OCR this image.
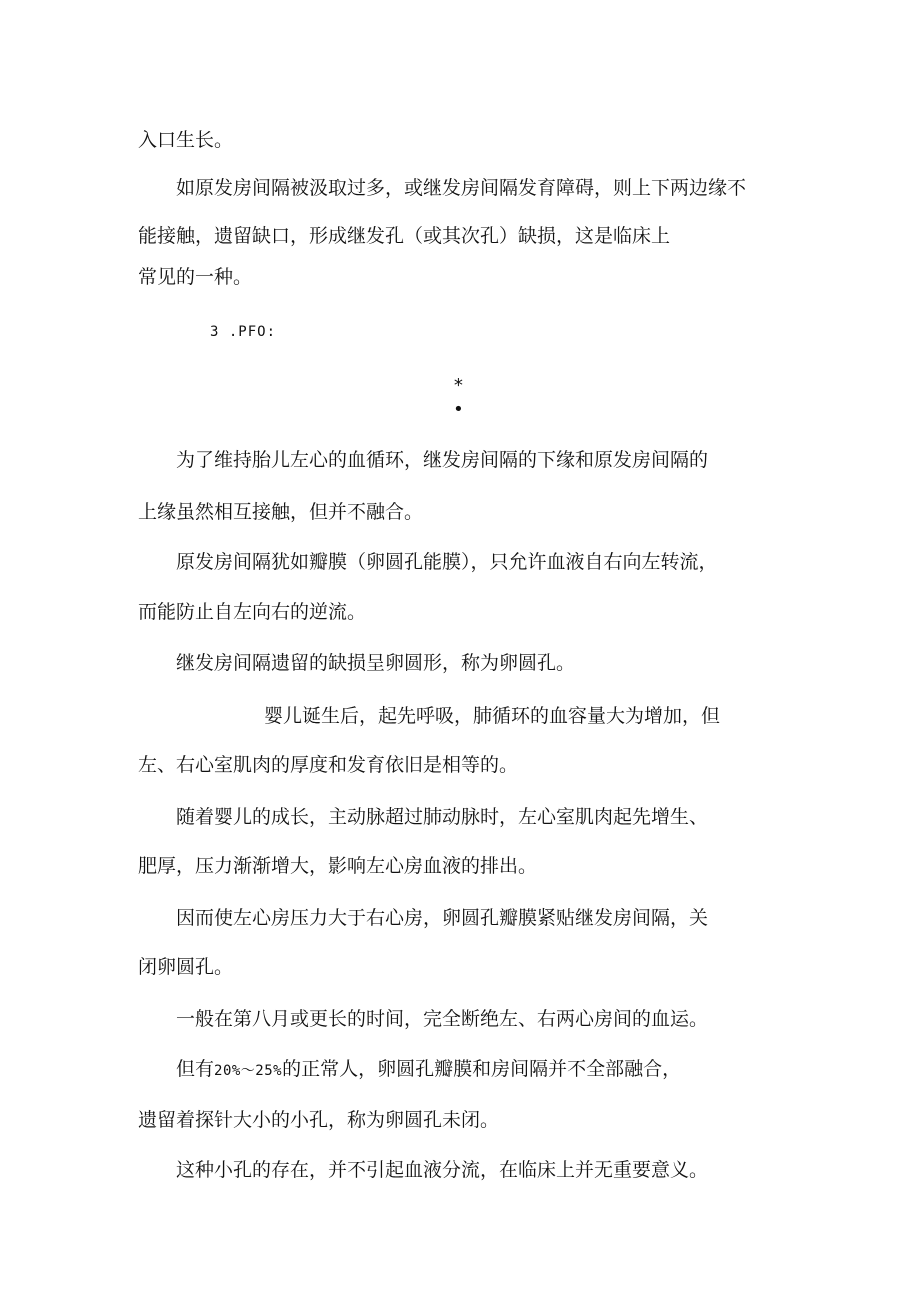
入口生长。
如原发房间隔被汲取过多，或继发房间隔发育障碍，则上下两边缘不
能接触，遗留缺口，形成继发孔（或其次孔）缺损，这是临床上
常见的一种。
3 .PFO:
*
•
为了维持胎儿左心的血循环，继发房间隔的下缘和原发房间隔的
上缘虽然相互接触，但并不融合。
原发房间隔犹如瓣膜（卵圆孔能膜），只允许血液自右向左转流，
而能防止自左向右的逆流。
继发房间隔遗留的缺损呈卵圆形，称为卵圆孔。
婴儿诞生后，起先呼吸，肺循环的血容量大为增加，但
左、右心室肌肉的厚度和发育依旧是相等的。
随着婴儿的成长，主动脉超过肺动脉时，左心室肌肉起先增生、
肥厚，压力渐渐增大，影响左心房血液的排出。
因而使左心房压力大于右心房，卵圆孔瓣膜紧贴继发房间隔，关
闭卵圆孔。
一般在第八月或更长的时间，完全断绝左、右两心房间的血运。
但有20%～25%的正常人，卵圆孔瓣膜和房间隔并不全部融合，
遗留着探针大小的小孔，称为卵圆孔未闭。
这种小孔的存在，并不引起血液分流，在临床上并无重要意义。
